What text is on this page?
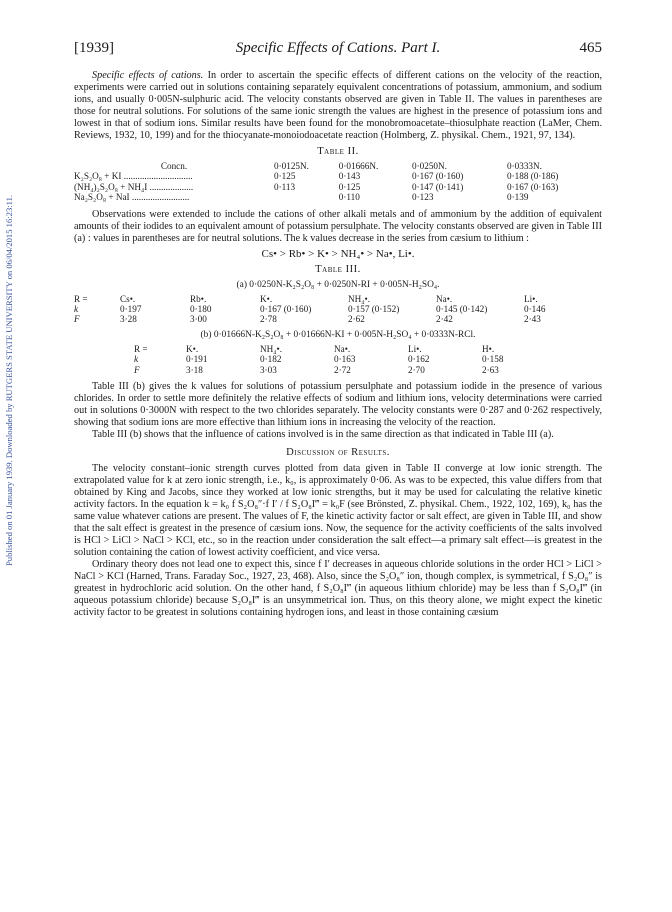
Published on 01 January 1939. Downloaded by RUTGERS STATE UNIVERSITY on 06/04/2015 16:23:11.
[1939]	Specific Effects of Cations. Part I.	465

Specific effects of cations. In order to ascertain the specific effects of different cations on the velocity of the reaction, experiments were carried out in solutions containing separately equivalent concentrations of potassium, ammonium, and sodium ions, and usually 0·005N-sulphuric acid. The velocity constants observed are given in Table II. The values in parentheses are those for neutral solutions. For solutions of the same ionic strength the values are highest in the presence of potassium ions and lowest in that of sodium ions. Similar results have been found for the monobromoacetate–thiosulphate reaction (LaMer, Chem. Reviews, 1932, 10, 199) and for the thiocyanate-monoiodoacetate reaction (Holmberg, Z. physikal. Chem., 1921, 97, 134).

Table II.
Concn.	0·0125N.	0·01666N.	0·0250N.	0·0333N.
K₂S₂O₈ + KI ..............................	0·125	0·143	0·167 (0·160)	0·188 (0·186)
(NH₄)₂S₂O₈ + NH₄I ...................	0·113	0·125	0·147 (0·141)	0·167 (0·163)
Na₂S₂O₈ + NaI .........................		0·110	0·123	0·139

Observations were extended to include the cations of other alkali metals and of ammonium by the addition of equivalent amounts of their iodides to an equivalent amount of potassium persulphate. The velocity constants observed are given in Table III (a) : values in parentheses are for neutral solutions. The k values decrease in the series from cæsium to lithium :

Cs• > Rb• > K• > NH₄• > Na•, Li•.
Table III.
(a) 0·0250N-K₂S₂O₈ + 0·0250N-RI + 0·005N-H₂SO₄.
R =	Cs•.	Rb•.	K•.	NH₄•.	Na•.	Li•.
k	0·197	0·180	0·167 (0·160)	0·157 (0·152)	0·145 (0·142)	0·146
F	3·28	3·00	2·78	2·62	2·42	2·43
(b) 0·01666N-K₂S₂O₈ + 0·01666N-KI + 0·005N-H₂SO₄ + 0·0333N-RCl.
R =	K•.	NH₄•.	Na•.	Li•.	H•.
k	0·191	0·182	0·163	0·162	0·158
F	3·18	3·03	2·72	2·70	2·63

Table III (b) gives the k values for solutions of potassium persulphate and potassium iodide in the presence of various chlorides. In order to settle more definitely the relative effects of sodium and lithium ions, velocity determinations were carried out in solutions 0·3000N with respect to the two chlorides separately. The velocity constants were 0·287 and 0·262 respectively, showing that sodium ions are more effective than lithium ions in increasing the velocity of the reaction.

Table III (b) shows that the influence of cations involved is in the same direction as that indicated in Table III (a).

Discussion of Results.

The velocity constant–ionic strength curves plotted from data given in Table II converge at low ionic strength. The extrapolated value for k at zero ionic strength, i.e., k₀, is approximately 0·06. As was to be expected, this value differs from that obtained by King and Jacobs, since they worked at low ionic strengths, but it may be used for calculating the relative kinetic activity factors. In the equation k = k₀ f S₂O₈″·f I′ / f S₂O₈I‴ = k₀F (see Brönsted, Z. physikal. Chem., 1922, 102, 169), k₀ has the same value whatever cations are present. The values of F, the kinetic activity factor or salt effect, are given in Table III, and show that the salt effect is greatest in the presence of cæsium ions. Now, the sequence for the activity coefficients of the salts involved is HCl > LiCl > NaCl > KCl, etc., so in the reaction under consideration the salt effect—a primary salt effect—is greatest in the solution containing the cation of lowest activity coefficient, and vice versa.

Ordinary theory does not lead one to expect this, since f I′ decreases in aqueous chloride solutions in the order HCl > LiCl > NaCl > KCl (Harned, Trans. Faraday Soc., 1927, 23, 468). Also, since the S₂O₈″ ion, though complex, is symmetrical, f S₂O₈″ is greatest in hydrochloric acid solution. On the other hand, f S₂O₈I‴ (in aqueous lithium chloride) may be less than f S₂O₈I‴ (in aqueous potassium chloride) because S₂O₈I‴ is an unsymmetrical ion. Thus, on this theory alone, we might expect the kinetic activity factor to be greatest in solutions containing hydrogen ions, and least in those containing cæsium
